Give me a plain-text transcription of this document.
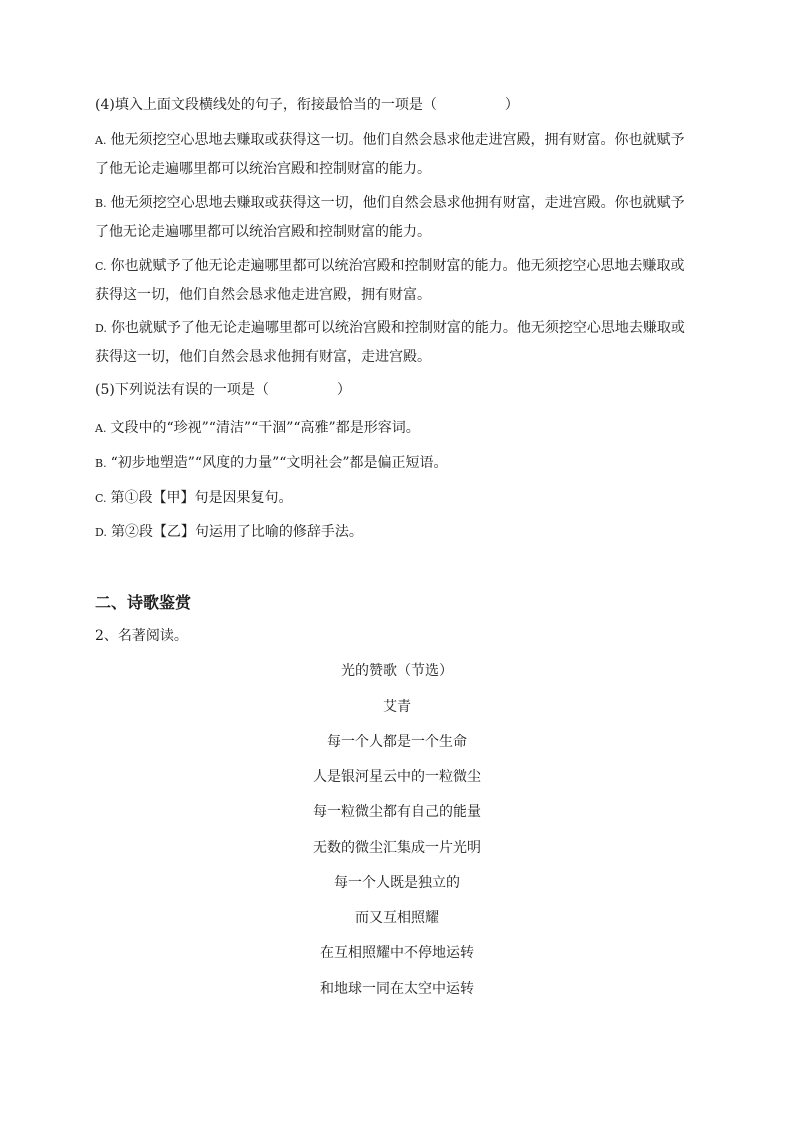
(4)填入上面文段横线处的句子，衔接最恰当的一项是（	）
A. 他无须挖空心思地去赚取或获得这一切。他们自然会恳求他走进宫殿，拥有财富。你也就赋予
了他无论走遍哪里都可以统治宫殿和控制财富的能力。
B. 他无须挖空心思地去赚取或获得这一切，他们自然会恳求他拥有财富，走进宫殿。你也就赋予
了他无论走遍哪里都可以统治宫殿和控制财富的能力。
C. 你也就赋予了他无论走遍哪里都可以统治宫殿和控制财富的能力。他无须挖空心思地去赚取或
获得这一切，他们自然会恳求他走进宫殿，拥有财富。
D. 你也就赋予了他无论走遍哪里都可以统治宫殿和控制财富的能力。他无须挖空心思地去赚取或
获得这一切，他们自然会恳求他拥有财富，走进宫殿。
(5)下列说法有误的一项是（	）
A. 文段中的“珍视”“清洁”“干涸”“高雅”都是形容词。
B. “初步地塑造”“风度的力量”“文明社会”都是偏正短语。
C. 第①段【甲】句是因果复句。
D. 第②段【乙】句运用了比喻的修辞手法。
二、诗歌鉴赏
2、名著阅读。
光的赞歌（节选）
艾青
每一个人都是一个生命
人是银河星云中的一粒微尘
每一粒微尘都有自己的能量
无数的微尘汇集成一片光明
每一个人既是独立的
而又互相照耀
在互相照耀中不停地运转
和地球一同在太空中运转
